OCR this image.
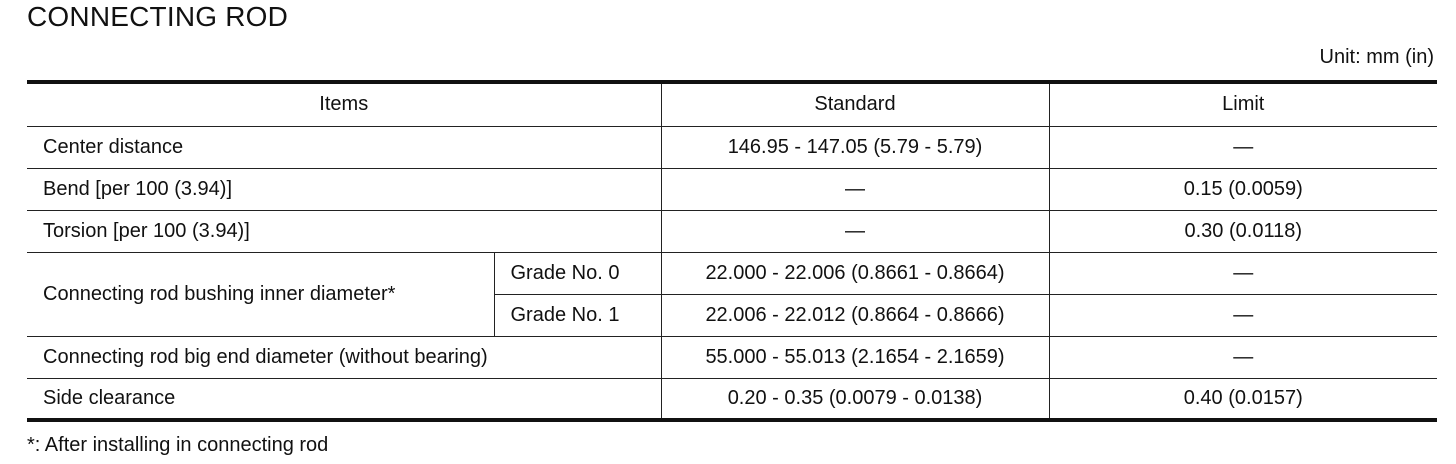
CONNECTING ROD
Unit: mm (in)
Items		Standard	Limit
Center distance		146.95 - 147.05 (5.79 - 5.79)	—
Bend [per 100 (3.94)]		—	0.15 (0.0059)
Torsion [per 100 (3.94)]		—	0.30 (0.0118)
Connecting rod bushing inner diameter*	Grade No. 0	22.000 - 22.006 (0.8661 - 0.8664)	—
	Grade No. 1	22.006 - 22.012 (0.8664 - 0.8666)	—
Connecting rod big end diameter (without bearing)		55.000 - 55.013 (2.1654 - 2.1659)	—
Side clearance		0.20 - 0.35 (0.0079 - 0.0138)	0.40 (0.0157)
*: After installing in connecting rod
